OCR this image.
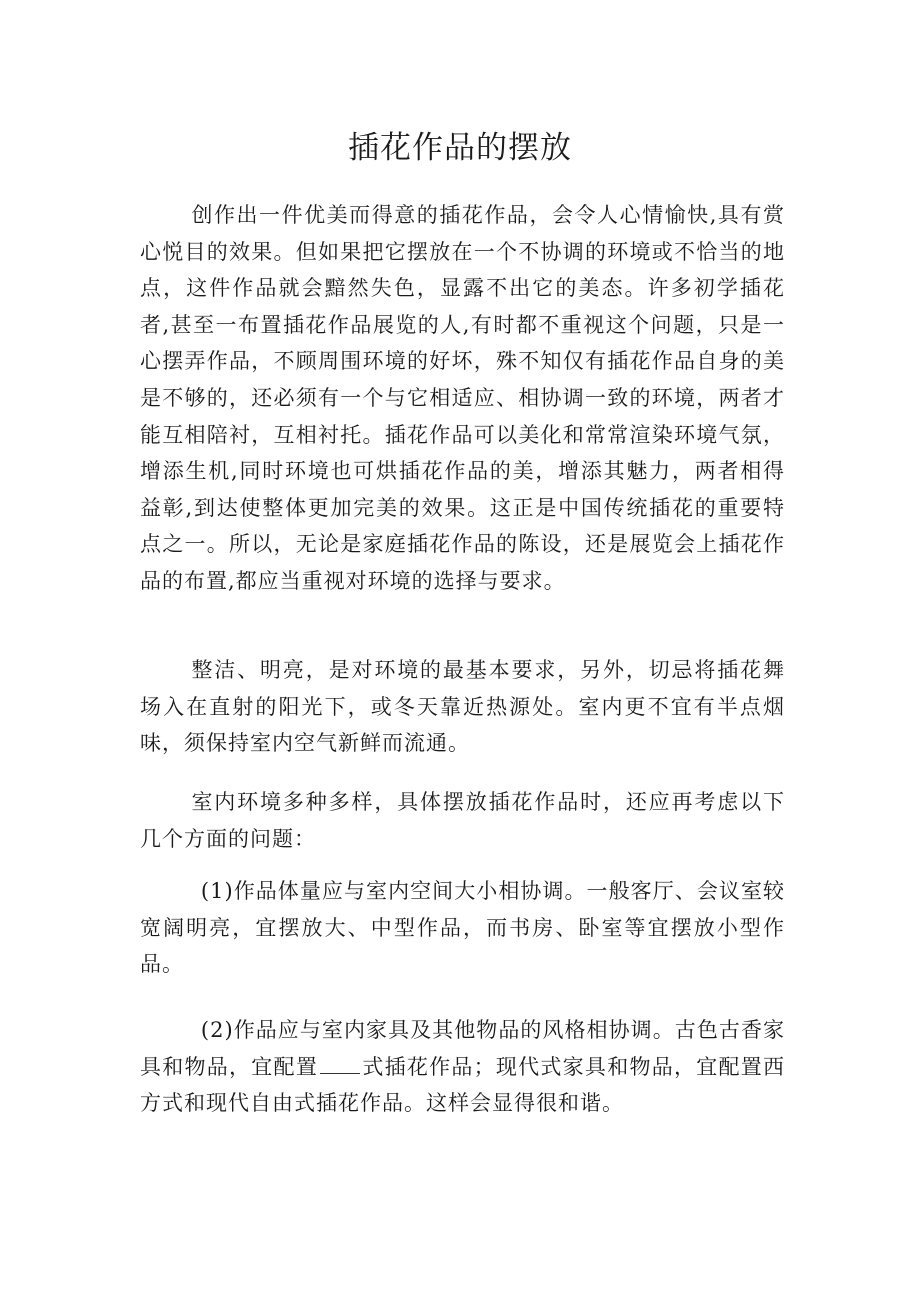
插花作品的摆放

创作出一件优美而得意的插花作品，会令人心情愉快,具有赏心悦目的效果。但如果把它摆放在一个不协调的环境或不恰当的地点，这件作品就会黯然失色，显露不出它的美态。许多初学插花者,甚至一布置插花作品展览的人,有时都不重视这个问题，只是一心摆弄作品，不顾周围环境的好坏，殊不知仅有插花作品自身的美是不够的，还必须有一个与它相适应、相协调一致的环境，两者才能互相陪衬，互相衬托。插花作品可以美化和常常渲染环境气氛，增添生机,同时环境也可烘插花作品的美，增添其魅力，两者相得益彰,到达使整体更加完美的效果。这正是中国传统插花的重要特点之一。所以，无论是家庭插花作品的陈设，还是展览会上插花作品的布置,都应当重视对环境的选择与要求。

整洁、明亮，是对环境的最基本要求，另外，切忌将插花舞场入在直射的阳光下，或冬天靠近热源处。室内更不宜有半点烟味，须保持室内空气新鲜而流通。

室内环境多种多样，具体摆放插花作品时，还应再考虑以下几个方面的问题：

(1)作品体量应与室内空间大小相协调。一般客厅、会议室较宽阔明亮，宜摆放大、中型作品，而书房、卧室等宜摆放小型作品。

(2)作品应与室内家具及其他物品的风格相协调。古色古香家具和物品，宜配置 式插花作品；现代式家具和物品，宜配置西方式和现代自由式插花作品。这样会显得很和谐。
